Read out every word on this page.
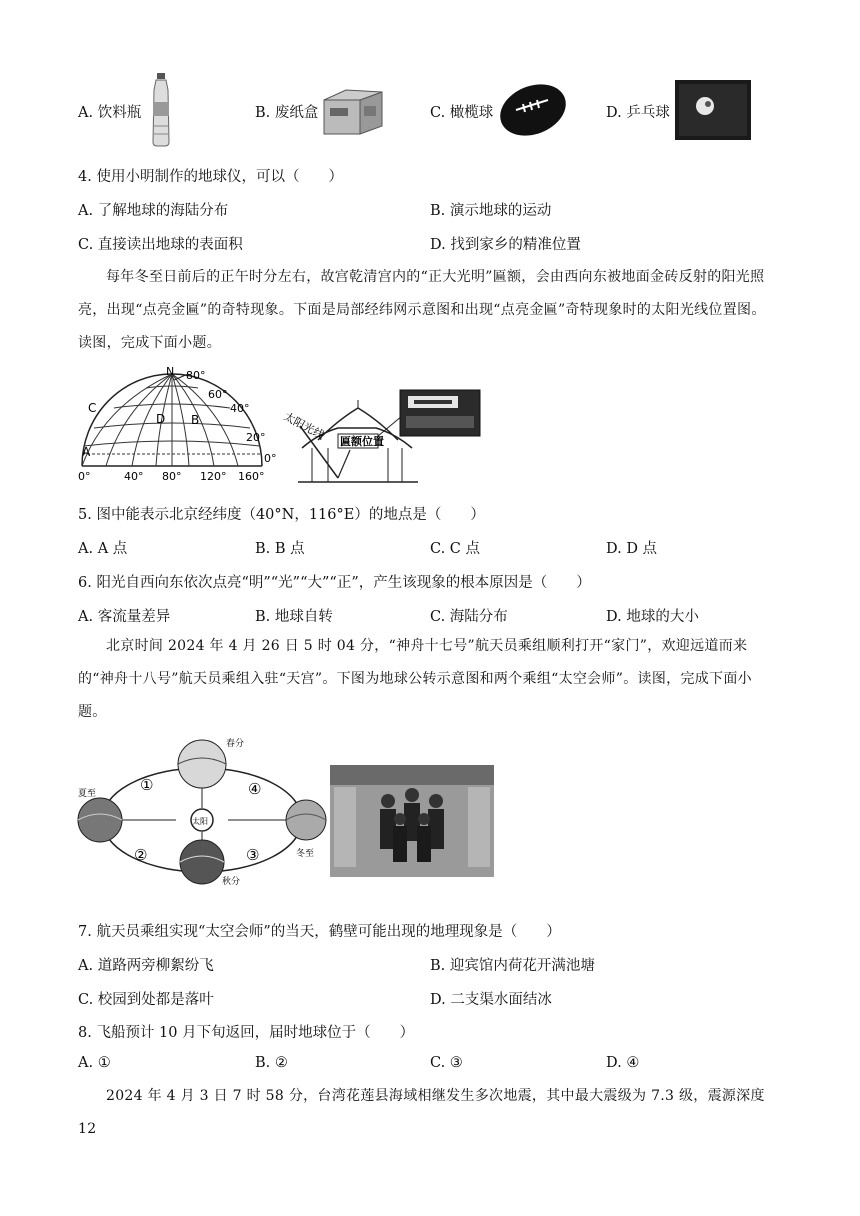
A. 饮料瓶	B. 废纸盒	C. 橄榄球	D. 乒乓球
4. 使用小明制作的地球仪，可以（　　）
A. 了解地球的海陆分布	B. 演示地球的运动
C. 直接读出地球的表面积	D. 找到家乡的精准位置
每年冬至日前后的正午时分左右，故宫乾清宫内的“正大光明”匾额，会由西向东被地面金砖反射的阳光照亮，出现“点亮金匾”的奇特现象。下面是局部经纬网示意图和出现“点亮金匾”奇特现象时的太阳光线位置图。读图，完成下面小题。
N 80°
60°
40°
20°
0°
0°	40° 80° 120° 160°
A
B
C
D	太阳光线 匾额位置
5. 图中能表示北京经纬度（40°N，116°E）的地点是（　　）
A. A 点	B. B 点	C. C 点	D. D 点
6. 阳光自西向东依次点亮“明”“光”“大”“正”，产生该现象的根本原因是（　　）
A. 客流量差异	B. 地球自转	C. 海陆分布	D. 地球的大小
北京时间 2024 年 4 月 26 日 5 时 04 分，“神舟十七号”航天员乘组顺利打开“家门”，欢迎远道而来的“神舟十八号”航天员乘组入驻“天宫”。下图为地球公转示意图和两个乘组“太空会师”。读图，完成下面小题。
太阳
春分
夏至
秋分
冬至
①
②	③
④
7. 航天员乘组实现“太空会师”的当天，鹤壁可能出现的地理现象是（　　）
A. 道路两旁柳絮纷飞	B. 迎宾馆内荷花开满池塘
C. 校园到处都是落叶	D. 二支渠水面结冰
8. 飞船预计 10 月下旬返回，届时地球位于（　　）
A. ①	B. ②	C. ③	D. ④
2024 年 4 月 3 日 7 时 58 分，台湾花莲县海域相继发生多次地震，其中最大震级为 7.3 级，震源深度 12
